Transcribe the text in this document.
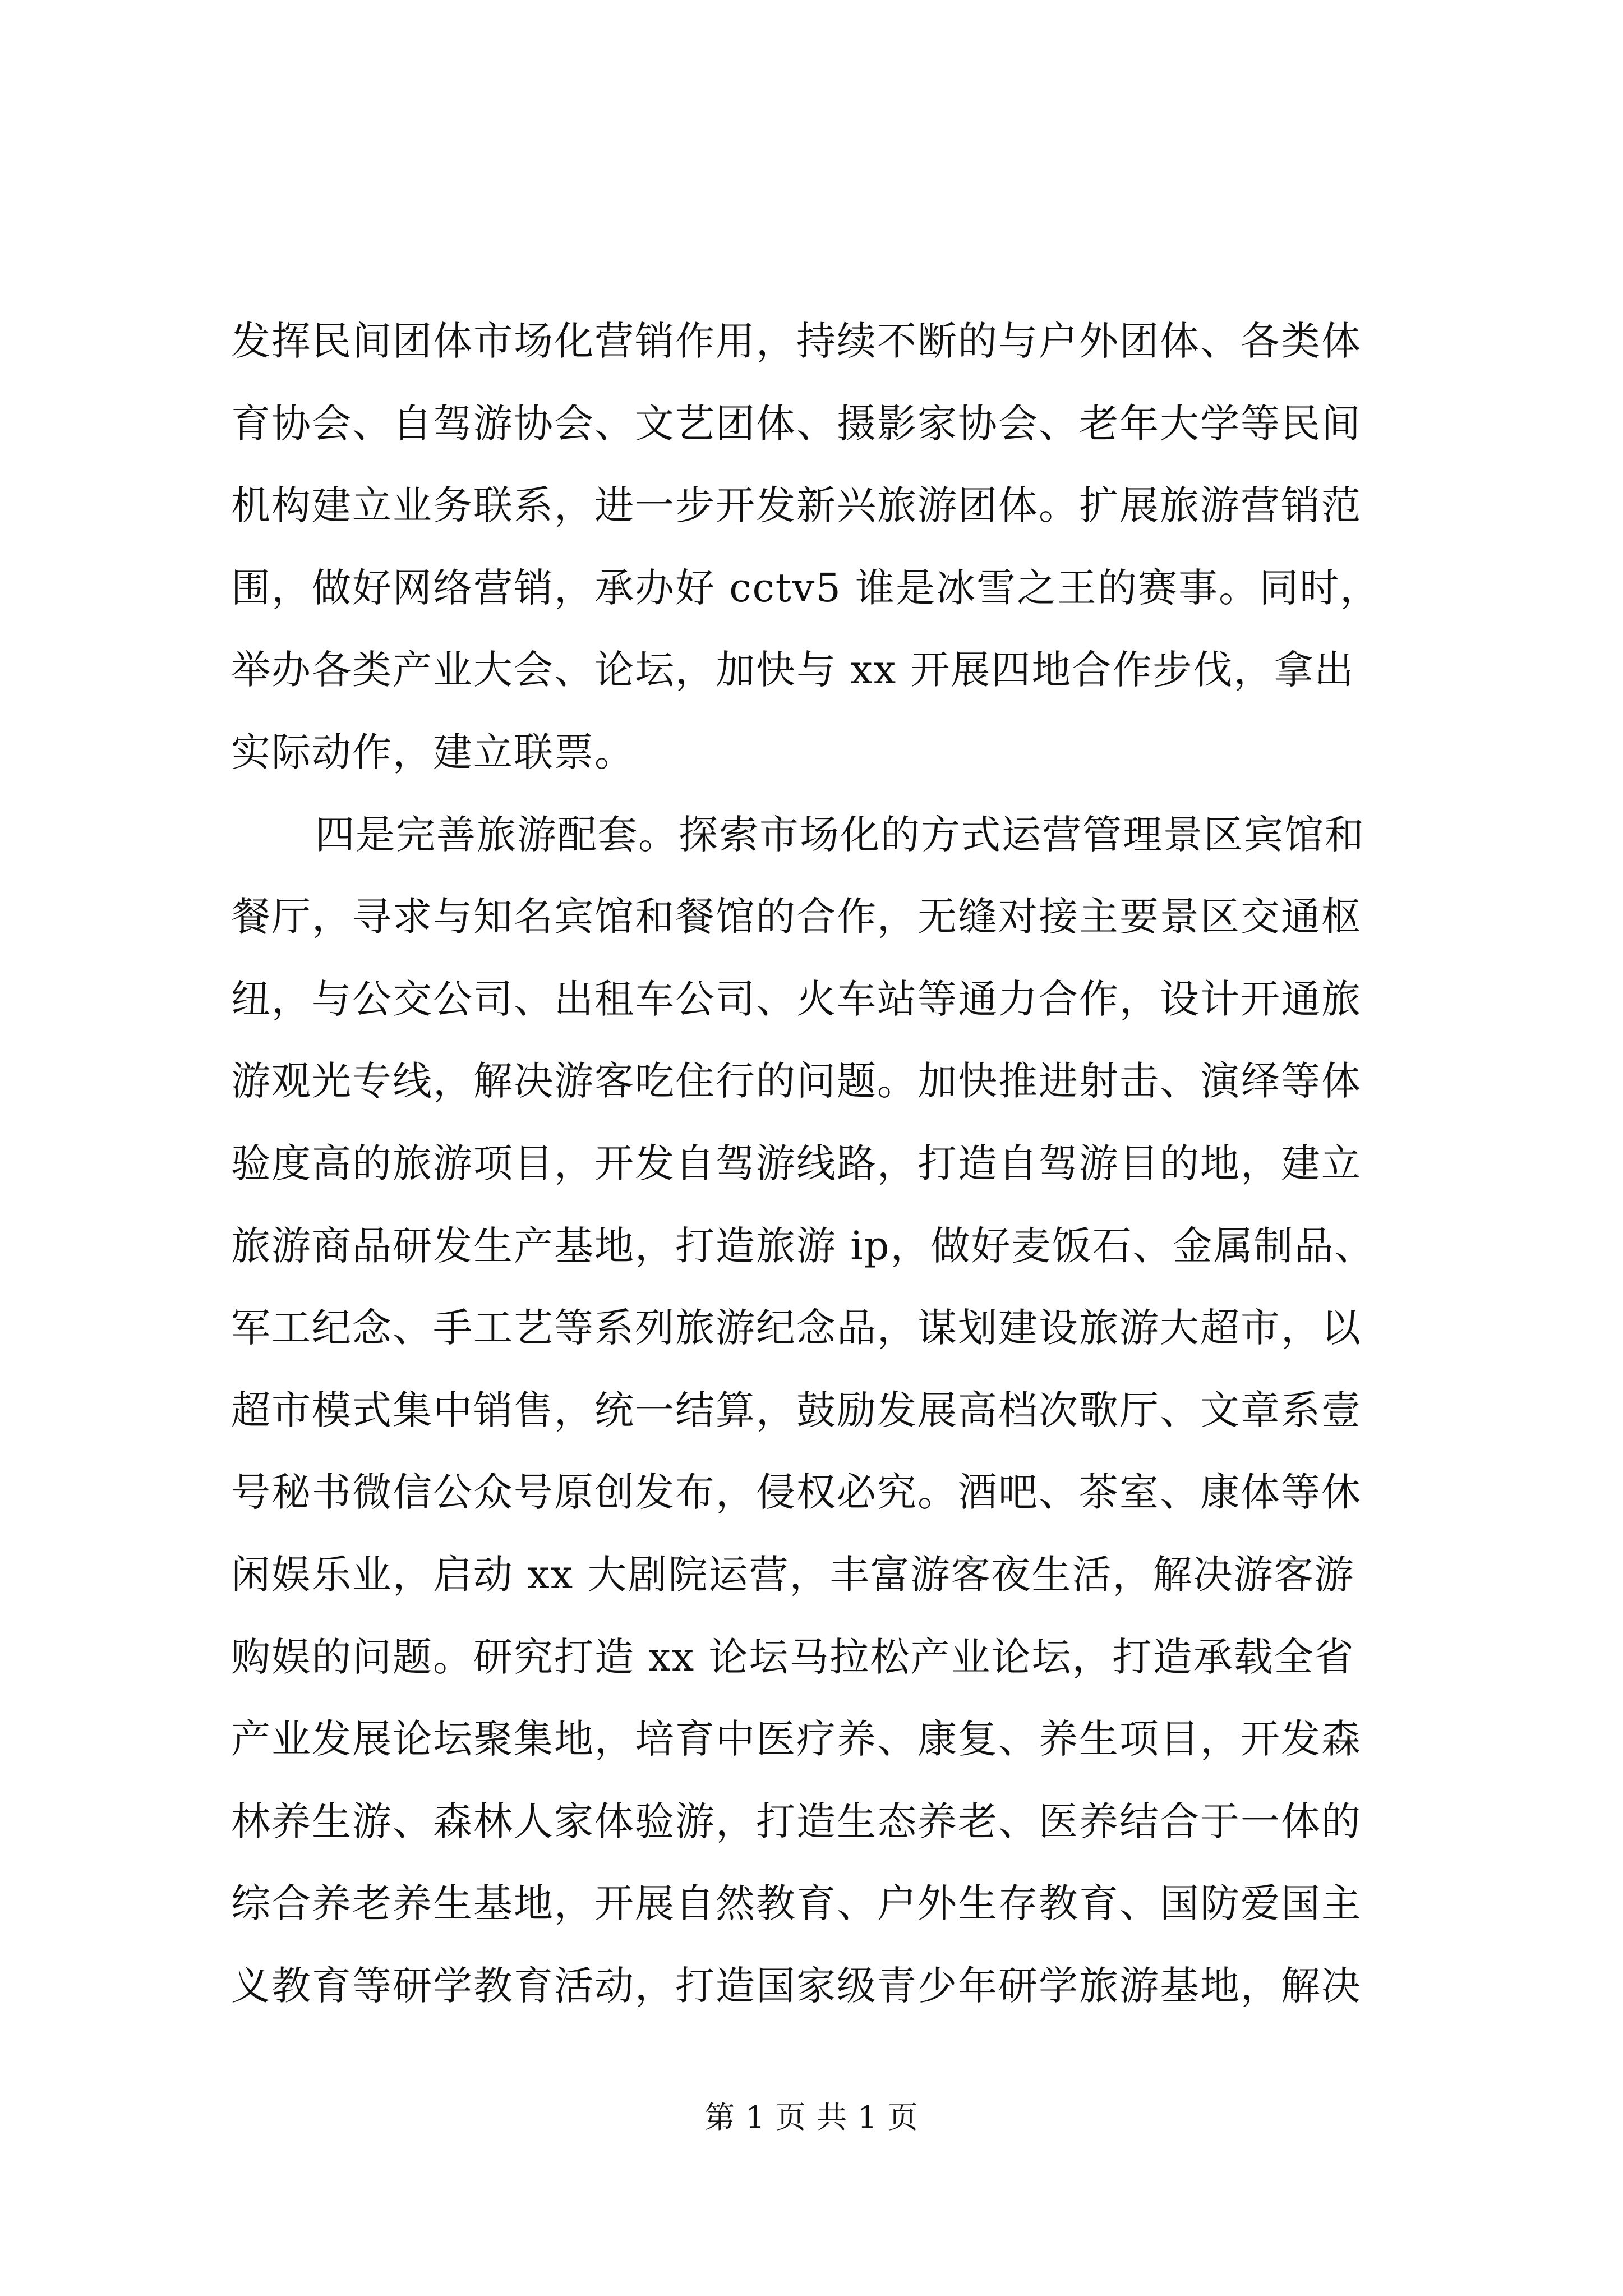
发挥民间团体市场化营销作用，持续不断的与户外团体、各类体
育协会、自驾游协会、文艺团体、摄影家协会、老年大学等民间
机构建立业务联系，进一步开发新兴旅游团体。扩展旅游营销范
围，做好网络营销，承办好 cctv5 谁是冰雪之王的赛事。同时，
举办各类产业大会、论坛，加快与 xx 开展四地合作步伐，拿出
实际动作，建立联票。
四是完善旅游配套。探索市场化的方式运营管理景区宾馆和
餐厅，寻求与知名宾馆和餐馆的合作，无缝对接主要景区交通枢
纽，与公交公司、出租车公司、火车站等通力合作，设计开通旅
游观光专线，解决游客吃住行的问题。加快推进射击、演绎等体
验度高的旅游项目，开发自驾游线路，打造自驾游目的地，建立
旅游商品研发生产基地，打造旅游 ip，做好麦饭石、金属制品、
军工纪念、手工艺等系列旅游纪念品，谋划建设旅游大超市，以
超市模式集中销售，统一结算，鼓励发展高档次歌厅、文章系壹
号秘书微信公众号原创发布，侵权必究。酒吧、茶室、康体等休
闲娱乐业，启动 xx 大剧院运营，丰富游客夜生活，解决游客游
购娱的问题。研究打造 xx 论坛马拉松产业论坛，打造承载全省
产业发展论坛聚集地，培育中医疗养、康复、养生项目，开发森
林养生游、森林人家体验游，打造生态养老、医养结合于一体的
综合养老养生基地，开展自然教育、户外生存教育、国防爱国主
义教育等研学教育活动，打造国家级青少年研学旅游基地，解决
第 1 页 共 1 页
